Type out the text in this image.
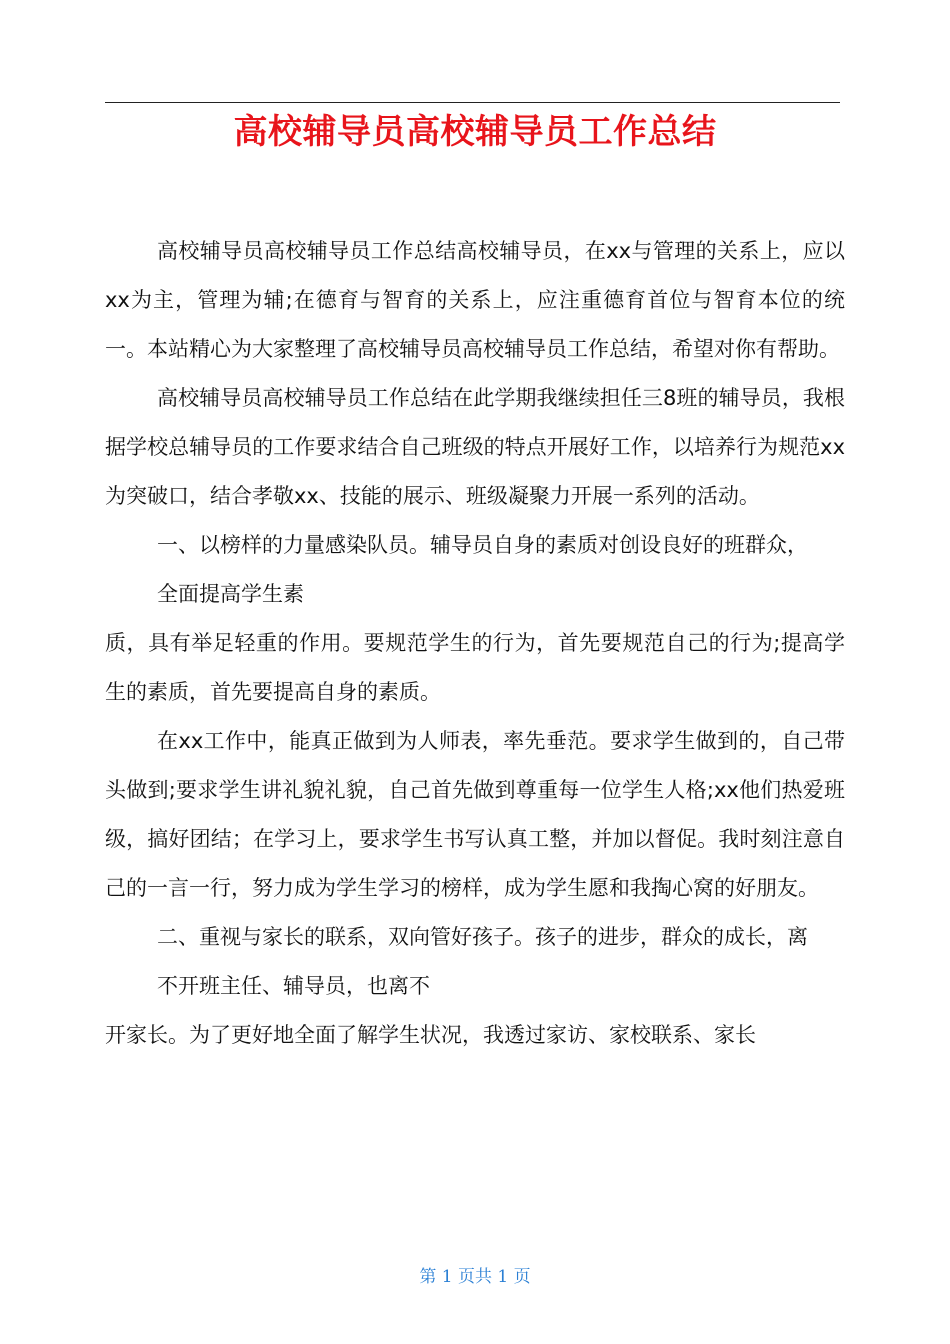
高校辅导员高校辅导员工作总结

高校辅导员高校辅导员工作总结高校辅导员，在xx与管理的关系上，应以xx为主，管理为辅;在德育与智育的关系上，应注重德育首位与智育本位的统一。本站精心为大家整理了高校辅导员高校辅导员工作总结，希望对你有帮助。

高校辅导员高校辅导员工作总结在此学期我继续担任三8班的辅导员，我根据学校总辅导员的工作要求结合自己班级的特点开展好工作，以培养行为规范xx为突破口，结合孝敬xx、技能的展示、班级凝聚力开展一系列的活动。

一、以榜样的力量感染队员。辅导员自身的素质对创设良好的班群众，全面提高学生素

质，具有举足轻重的作用。要规范学生的行为，首先要规范自己的行为;提高学生的素质，首先要提高自身的素质。

在xx工作中，能真正做到为人师表，率先垂范。要求学生做到的，自己带头做到;要求学生讲礼貌礼貌，自己首先做到尊重每一位学生人格;xx他们热爱班级，搞好团结；在学习上，要求学生书写认真工整，并加以督促。我时刻注意自己的一言一行，努力成为学生学习的榜样，成为学生愿和我掏心窝的好朋友。

二、重视与家长的联系，双向管好孩子。孩子的进步，群众的成长，离不开班主任、辅导员，也离不

开家长。为了更好地全面了解学生状况，我透过家访、家校联系、家长

第 1 页共 1 页
